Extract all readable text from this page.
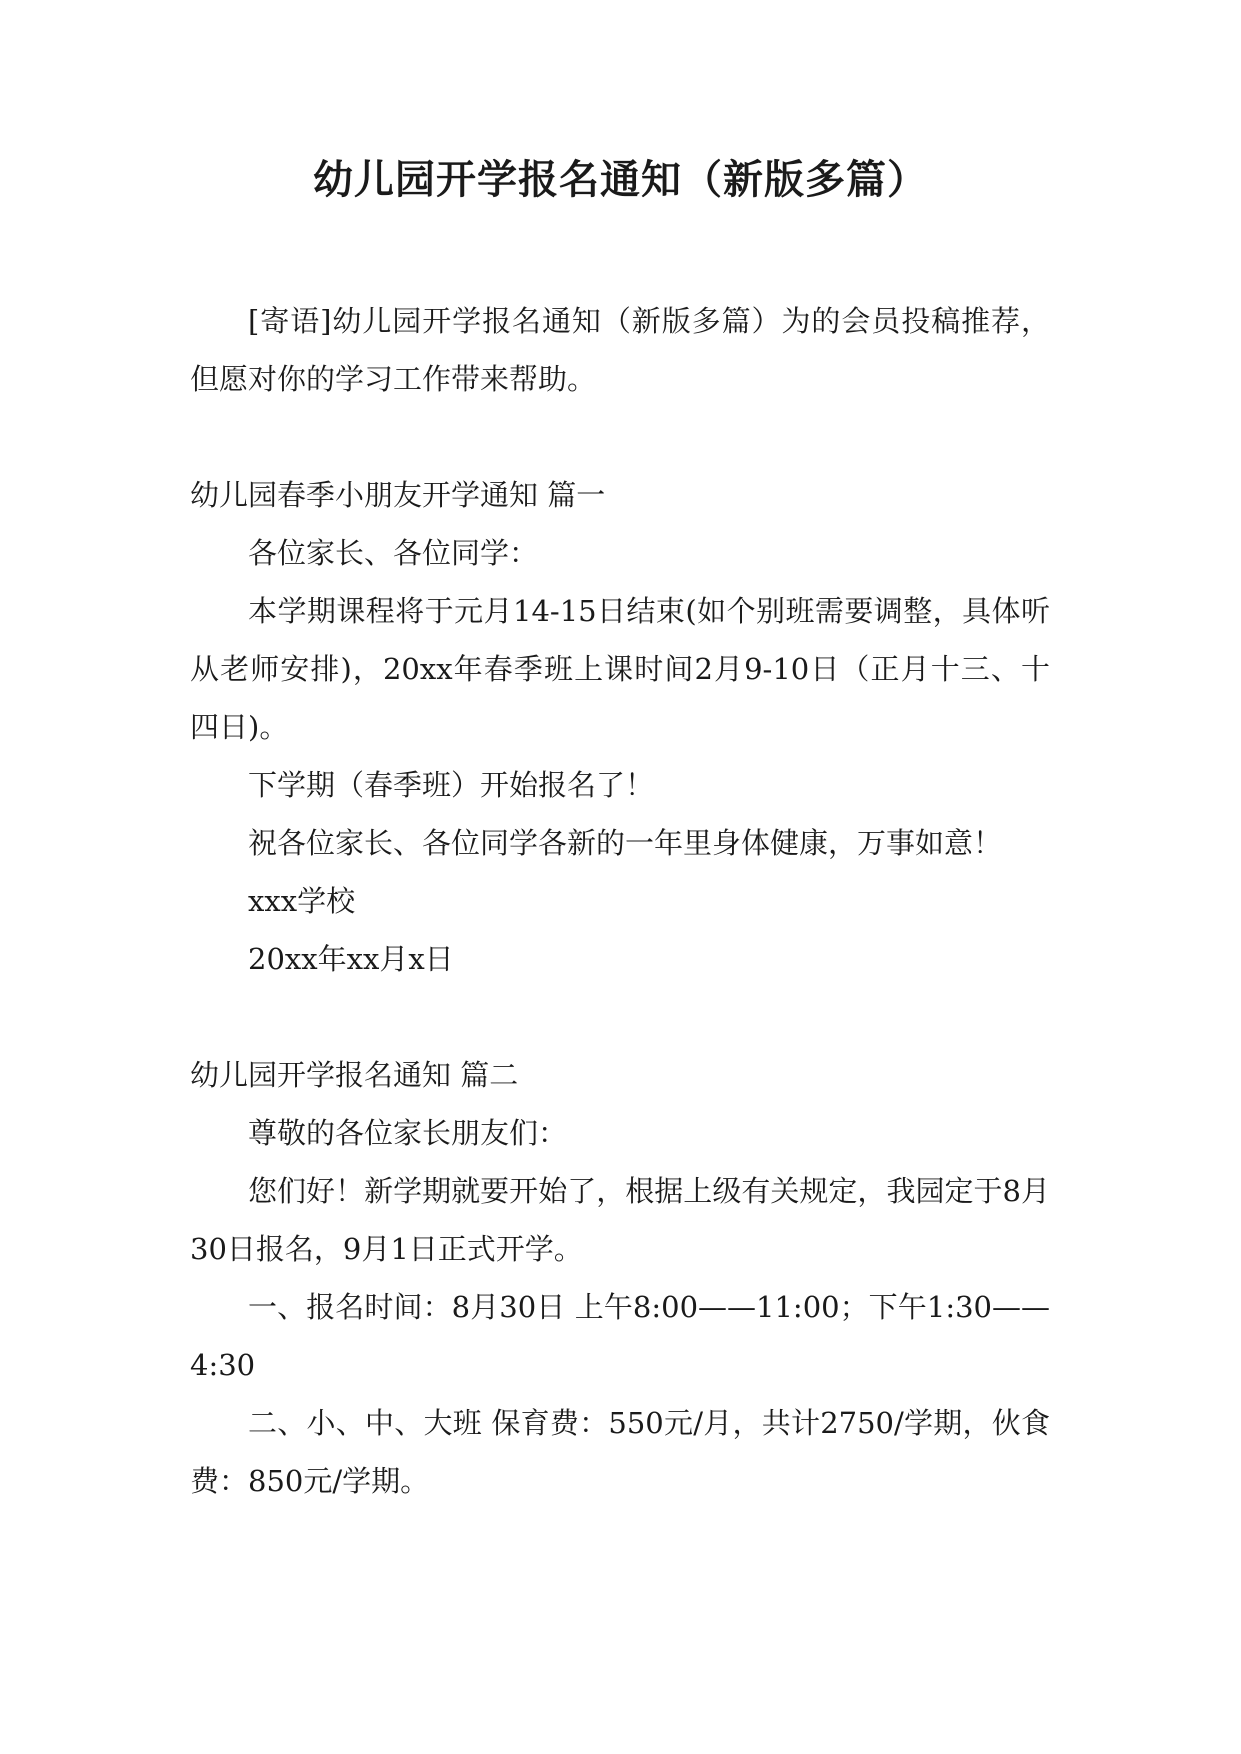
幼儿园开学报名通知（新版多篇）

[寄语]幼儿园开学报名通知（新版多篇）为的会员投稿推荐，但愿对你的学习工作带来帮助。

幼儿园春季小朋友开学通知 篇一

各位家长、各位同学：

本学期课程将于元月14-15日结束(如个别班需要调整，具体听从老师安排)，20xx年春季班上课时间2月9-10日（正月十三、十四日)。

下学期（春季班）开始报名了！

祝各位家长、各位同学各新的一年里身体健康，万事如意！

xxx学校

20xx年xx月x日

幼儿园开学报名通知 篇二

尊敬的各位家长朋友们：

您们好！新学期就要开始了，根据上级有关规定，我园定于8月30日报名，9月1日正式开学。

一、报名时间：8月30日 上午8:00——11:00；下午1:30——4:30

二、小、中、大班 保育费：550元/月，共计2750/学期，伙食费：850元/学期。
